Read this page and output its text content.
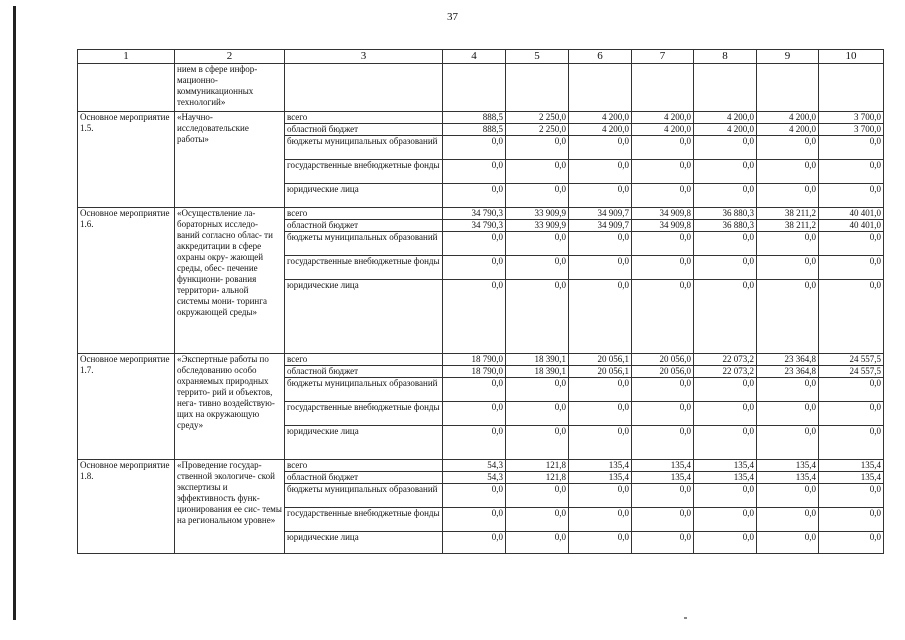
37
1	2	3	4	5	6	7	8	9	10
	нием в сфере инфор- мационно- коммуникационных технологий»								
Основное мероприятие 1.5.	«Научно- исследовательские работы»	всего	888,5	2 250,0	4 200,0	4 200,0	4 200,0	4 200,0	3 700,0
		областной бюджет	888,5	2 250,0	4 200,0	4 200,0	4 200,0	4 200,0	3 700,0
		бюджеты муниципальных образований	0,0	0,0	0,0	0,0	0,0	0,0	0,0
		государственные внебюджетные фонды	0,0	0,0	0,0	0,0	0,0	0,0	0,0
		юридические лица	0,0	0,0	0,0	0,0	0,0	0,0	0,0
Основное мероприятие 1.6.	«Осуществление ла- бораторных исследо- ваний согласно облас- ти аккредитации в сфере охраны окру- жающей среды, обес- печение функциони- рования территори- альной системы мони- торинга окружающей среды»	всего	34 790,3	33 909,9	34 909,7	34 909,8	36 880,3	38 211,2	40 401,0
		областной бюджет	34 790,3	33 909,9	34 909,7	34 909,8	36 880,3	38 211,2	40 401,0
		бюджеты муниципальных образований	0,0	0,0	0,0	0,0	0,0	0,0	0,0
		государственные внебюджетные фонды	0,0	0,0	0,0	0,0	0,0	0,0	0,0
		юридические лица	0,0	0,0	0,0	0,0	0,0	0,0	0,0
Основное мероприятие 1.7.	«Экспертные работы по обследованию особо охраняемых природных террито- рий и объектов, нега- тивно воздействую- щих на окружающую среду»	всего	18 790,0	18 390,1	20 056,1	20 056,0	22 073,2	23 364,8	24 557,5
		областной бюджет	18 790,0	18 390,1	20 056,1	20 056,0	22 073,2	23 364,8	24 557,5
		бюджеты муниципальных образований	0,0	0,0	0,0	0,0	0,0	0,0	0,0
		государственные внебюджетные фонды	0,0	0,0	0,0	0,0	0,0	0,0	0,0
		юридические лица	0,0	0,0	0,0	0,0	0,0	0,0	0,0
Основное мероприятие 1.8.	«Проведение государ- ственной экологиче- ской экспертизы и эффективность функ- ционирования ее сис- темы на региональном уровне»	всего	54,3	121,8	135,4	135,4	135,4	135,4	135,4
		областной бюджет	54,3	121,8	135,4	135,4	135,4	135,4	135,4
		бюджеты муниципальных образований	0,0	0,0	0,0	0,0	0,0	0,0	0,0
		государственные внебюджетные фонды	0,0	0,0	0,0	0,0	0,0	0,0	0,0
		юридические лица	0,0	0,0	0,0	0,0	0,0	0,0	0,0
